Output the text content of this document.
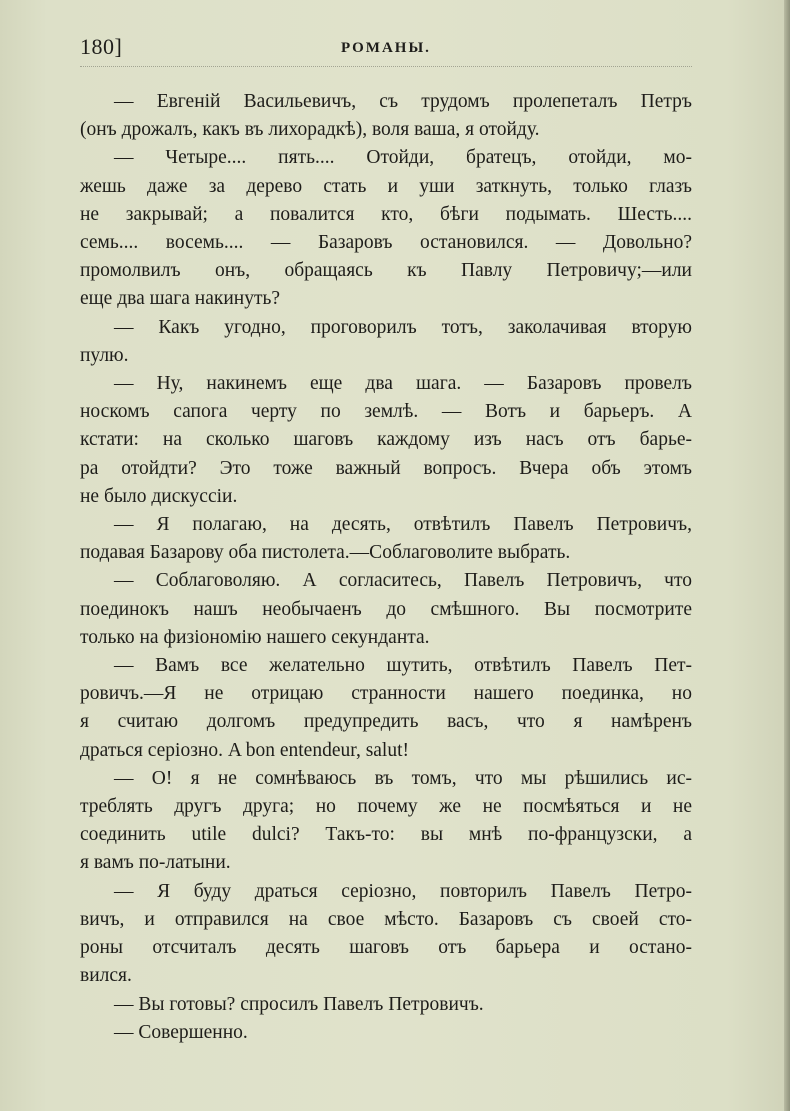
180]	РОМАНЫ.
— Евгенiй Васильевичъ, съ трудомъ пролепеталъ Петръ
(онъ дрожалъ, какъ въ лихорадкѣ), воля ваша, я отойду.
— Четыре.... пять.... Отойди, братецъ, отойди, мо-
жешь даже за дерево стать и уши заткнуть, только глазъ
не закрывай; а повалится кто, бѣги подымать. Шесть....
семь.... восемь.... — Базаровъ остановился. — Довольно?
промолвилъ онъ, обращаясь къ Павлу Петровичу;—или
еще два шага накинуть?
— Какъ угодно, проговорилъ тотъ, заколачивая вторую
пулю.
— Ну, накинемъ еще два шага. — Базаровъ провелъ
носкомъ сапога черту по землѣ. — Вотъ и барьеръ. А
кстати: на сколько шаговъ каждому изъ насъ отъ барье-
ра отойдти? Это тоже важный вопросъ. Вчера объ этомъ
не было дискуссiи.
— Я полагаю, на десять, отвѣтилъ Павелъ Петровичъ,
подавая Базарову оба пистолета.—Соблаговолите выбрать.
— Соблаговоляю. А согласитесь, Павелъ Петровичъ, что
поединокъ нашъ необычаенъ до смѣшного. Вы посмотрите
только на физiономiю нашего секунданта.
— Вамъ все желательно шутить, отвѣтилъ Павелъ Пет-
ровичъ.—Я не отрицаю странности нашего поединка, но
я считаю долгомъ предупредить васъ, что я намѣренъ
драться серiозно. A bon entendeur, salut!
— О! я не сомнѣваюсь въ томъ, что мы рѣшились ис-
треблять другъ друга; но почему же не посмѣяться и не
соединить utile dulci? Такъ-то: вы мнѣ по-французски, а
я вамъ по-латыни.
— Я буду драться серiозно, повторилъ Павелъ Петро-
вичъ, и отправился на свое мѣсто. Базаровъ съ своей сто-
роны отсчиталъ десять шаговъ отъ барьера и остано-
вился.
— Вы готовы? спросилъ Павелъ Петровичъ.
— Совершенно.
